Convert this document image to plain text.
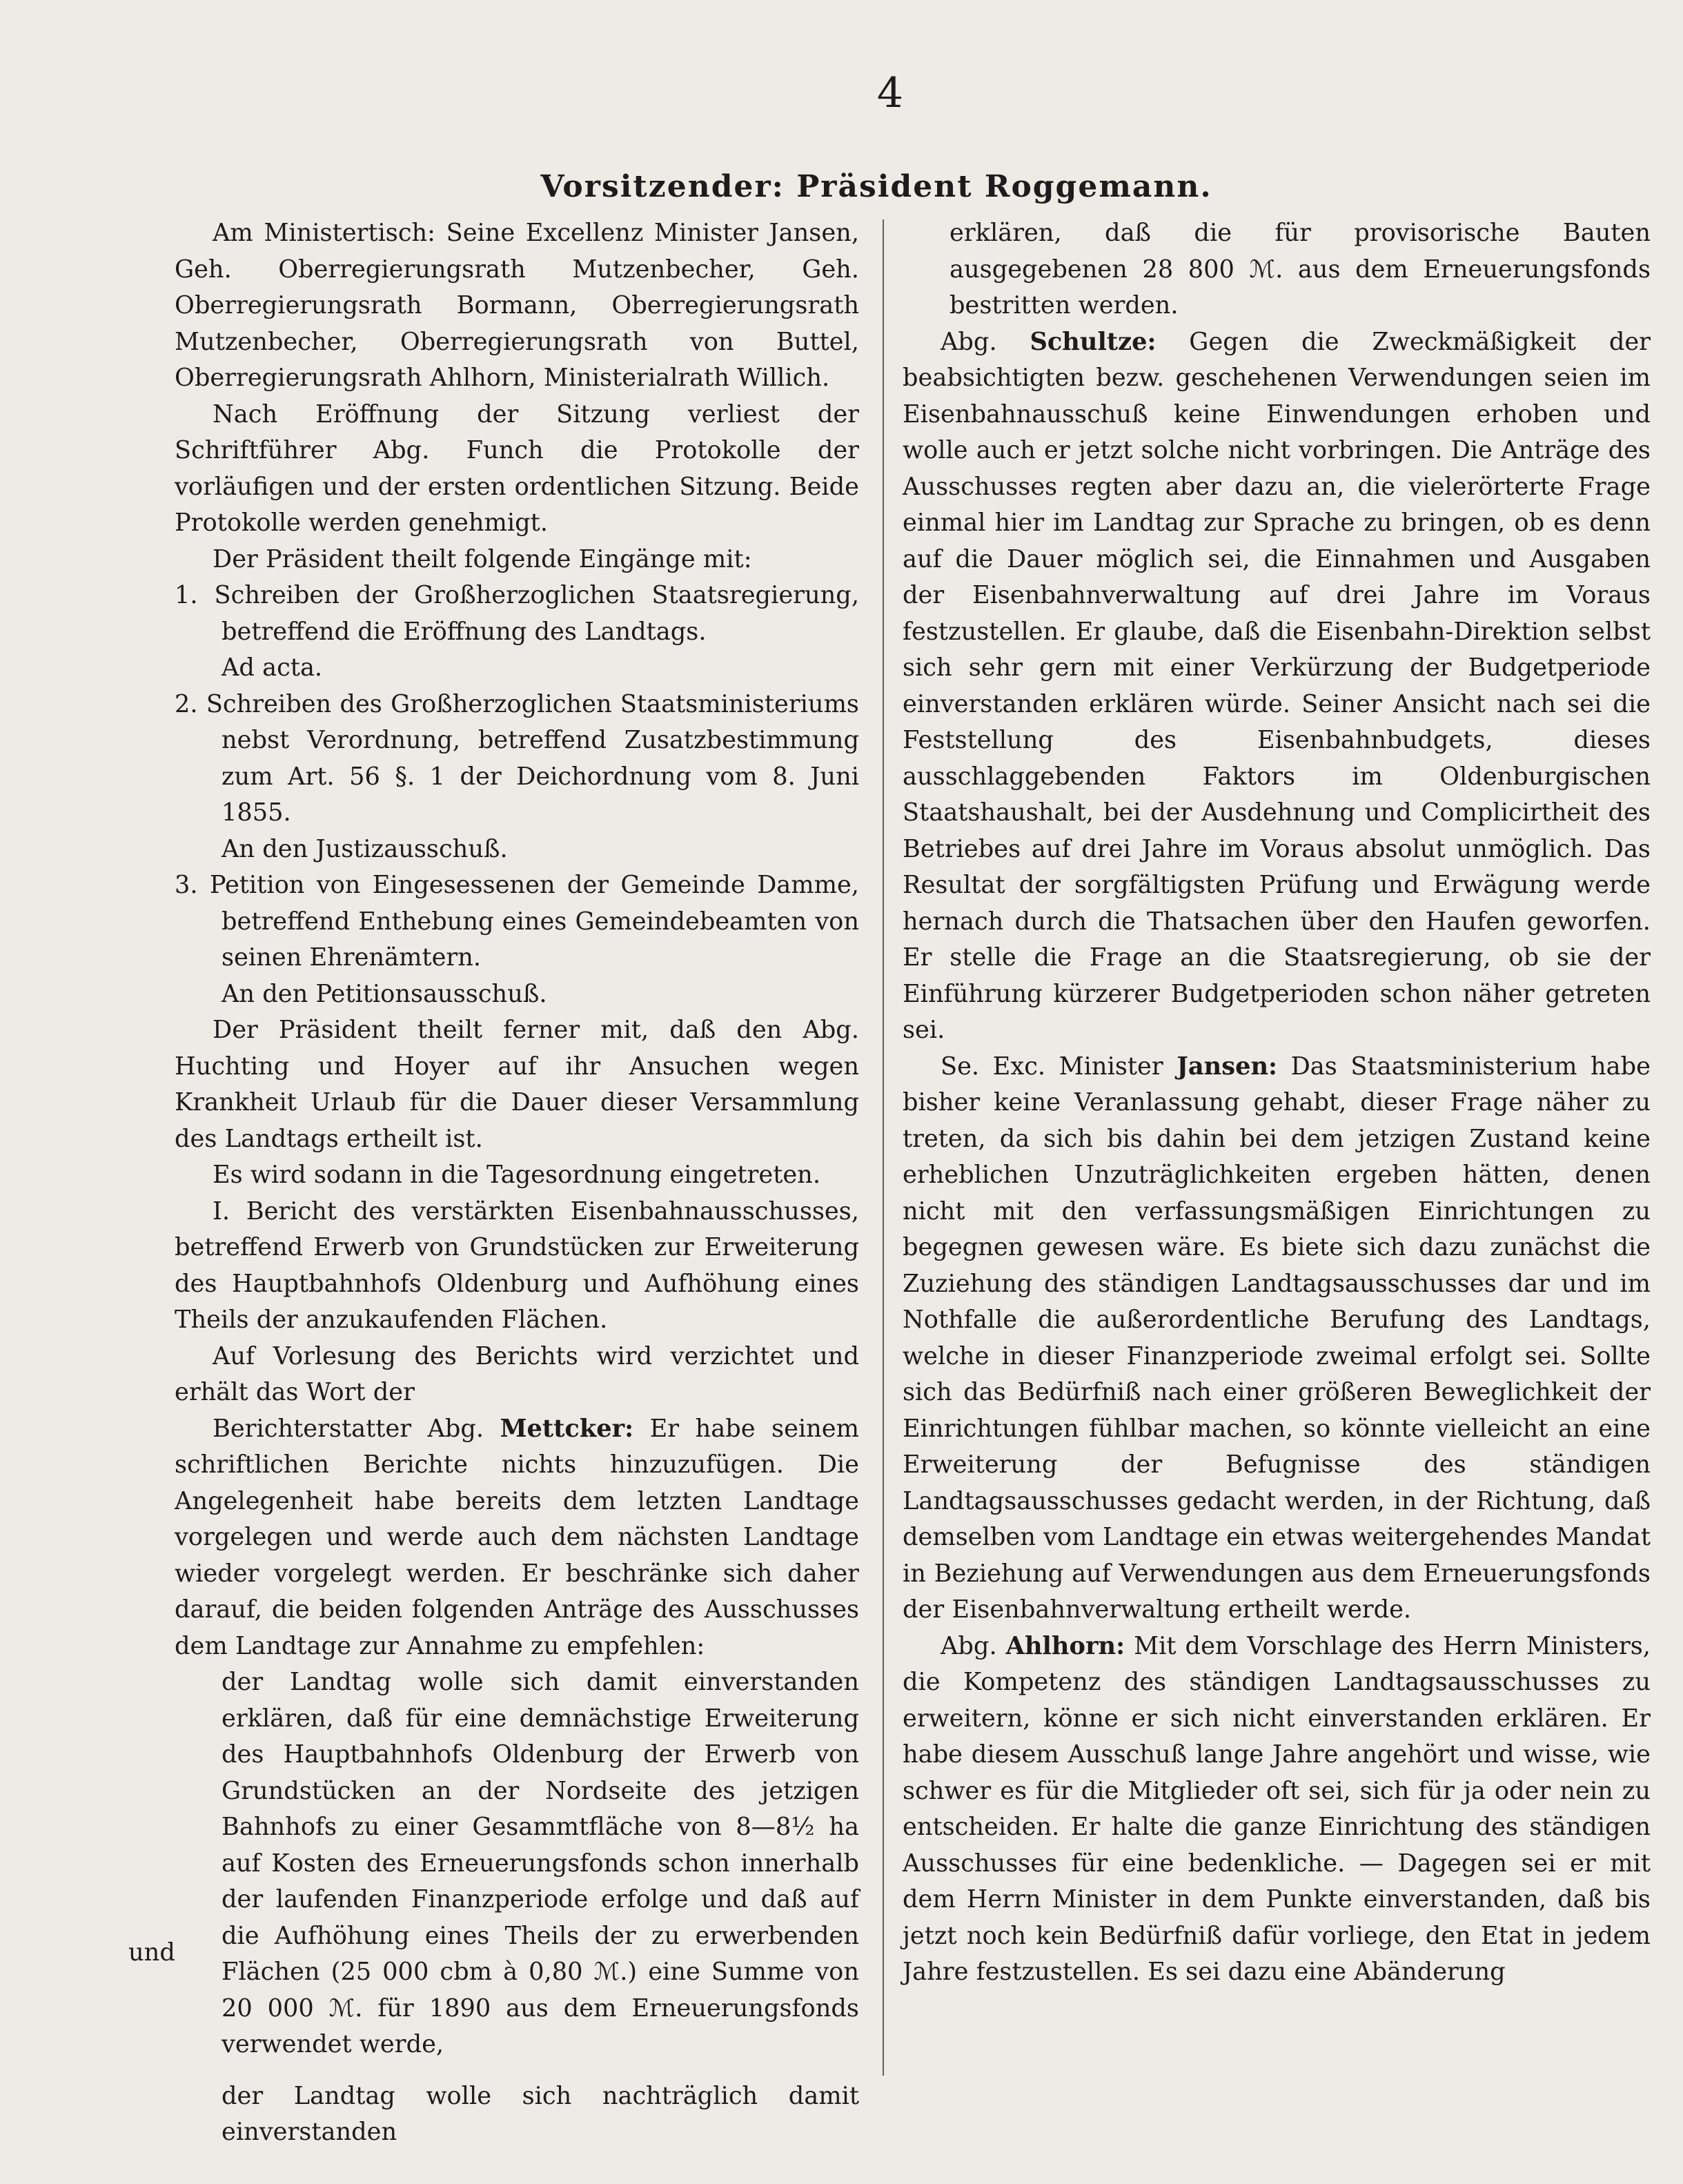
4
Vorsitzender: Präsident Roggemann.

Am Ministertisch: Seine Excellenz Minister Jansen, Geh. Oberregierungsrath Mutzenbecher, Geh. Oberregierungsrath Bormann, Oberregierungsrath Mutzenbecher, Oberregierungsrath von Buttel, Oberregierungsrath Ahlhorn, Ministerialrath Willich.

Nach Eröffnung der Sitzung verliest der Schriftführer Abg. Funch die Protokolle der vorläufigen und der ersten ordentlichen Sitzung. Beide Protokolle werden genehmigt.

Der Präsident theilt folgende Eingänge mit:

1. Schreiben der Großherzoglichen Staatsregierung, betreffend die Eröffnung des Landtags.

Ad acta.

2. Schreiben des Großherzoglichen Staatsministeriums nebst Verordnung, betreffend Zusatzbestimmung zum Art. 56 §. 1 der Deichordnung vom 8. Juni 1855.

An den Justizausschuß.

3. Petition von Eingesessenen der Gemeinde Damme, betreffend Enthebung eines Gemeindebeamten von seinen Ehrenämtern.

An den Petitionsausschuß.

Der Präsident theilt ferner mit, daß den Abg. Huchting und Hoyer auf ihr Ansuchen wegen Krankheit Urlaub für die Dauer dieser Versammlung des Landtags ertheilt ist.

Es wird sodann in die Tagesordnung eingetreten.

I. Bericht des verstärkten Eisenbahnausschusses, betreffend Erwerb von Grundstücken zur Erweiterung des Hauptbahnhofs Oldenburg und Aufhöhung eines Theils der anzukaufenden Flächen.

Auf Vorlesung des Berichts wird verzichtet und erhält das Wort der

Berichterstatter Abg. Mettcker: Er habe seinem schriftlichen Berichte nichts hinzuzufügen. Die Angelegenheit habe bereits dem letzten Landtage vorgelegen und werde auch dem nächsten Landtage wieder vorgelegt werden. Er beschränke sich daher darauf, die beiden folgenden Anträge des Ausschusses dem Landtage zur Annahme zu empfehlen:

der Landtag wolle sich damit einverstanden erklären, daß für eine demnächstige Erweiterung des Hauptbahnhofs Oldenburg der Erwerb von Grundstücken an der Nordseite des jetzigen Bahnhofs zu einer Gesammtfläche von 8—8½ ha auf Kosten des Erneuerungsfonds schon innerhalb der laufenden Finanzperiode erfolge und daß auf die Aufhöhung eines Theils der zu erwerbenden Flächen (25 000 cbm à 0,80 ℳ.) eine Summe von 20 000 ℳ. für 1890 aus dem Erneuerungsfonds verwendet werde,

der Landtag wolle sich nachträglich damit einverstanden

und

erklären, daß die für provisorische Bauten ausgegebenen 28 800 ℳ. aus dem Erneuerungsfonds bestritten werden.

Abg. Schultze: Gegen die Zweckmäßigkeit der beabsichtigten bezw. geschehenen Verwendungen seien im Eisenbahnausschuß keine Einwendungen erhoben und wolle auch er jetzt solche nicht vorbringen. Die Anträge des Ausschusses regten aber dazu an, die vielerörterte Frage einmal hier im Landtag zur Sprache zu bringen, ob es denn auf die Dauer möglich sei, die Einnahmen und Ausgaben der Eisenbahnverwaltung auf drei Jahre im Voraus festzustellen. Er glaube, daß die Eisenbahn-Direktion selbst sich sehr gern mit einer Verkürzung der Budgetperiode einverstanden erklären würde. Seiner Ansicht nach sei die Feststellung des Eisenbahnbudgets, dieses ausschlaggebenden Faktors im Oldenburgischen Staatshaushalt, bei der Ausdehnung und Complicirtheit des Betriebes auf drei Jahre im Voraus absolut unmöglich. Das Resultat der sorgfältigsten Prüfung und Erwägung werde hernach durch die Thatsachen über den Haufen geworfen. Er stelle die Frage an die Staatsregierung, ob sie der Einführung kürzerer Budgetperioden schon näher getreten sei.

Se. Exc. Minister Jansen: Das Staatsministerium habe bisher keine Veranlassung gehabt, dieser Frage näher zu treten, da sich bis dahin bei dem jetzigen Zustand keine erheblichen Unzuträglichkeiten ergeben hätten, denen nicht mit den verfassungsmäßigen Einrichtungen zu begegnen gewesen wäre. Es biete sich dazu zunächst die Zuziehung des ständigen Landtagsausschusses dar und im Nothfalle die außerordentliche Berufung des Landtags, welche in dieser Finanzperiode zweimal erfolgt sei. Sollte sich das Bedürfniß nach einer größeren Beweglichkeit der Einrichtungen fühlbar machen, so könnte vielleicht an eine Erweiterung der Befugnisse des ständigen Landtagsausschusses gedacht werden, in der Richtung, daß demselben vom Landtage ein etwas weitergehendes Mandat in Beziehung auf Verwendungen aus dem Erneuerungsfonds der Eisenbahnverwaltung ertheilt werde.

Abg. Ahlhorn: Mit dem Vorschlage des Herrn Ministers, die Kompetenz des ständigen Landtagsausschusses zu erweitern, könne er sich nicht einverstanden erklären. Er habe diesem Ausschuß lange Jahre angehört und wisse, wie schwer es für die Mitglieder oft sei, sich für ja oder nein zu entscheiden. Er halte die ganze Einrichtung des ständigen Ausschusses für eine bedenkliche. — Dagegen sei er mit dem Herrn Minister in dem Punkte einverstanden, daß bis jetzt noch kein Bedürfniß dafür vorliege, den Etat in jedem Jahre festzustellen. Es sei dazu eine Abänderung
